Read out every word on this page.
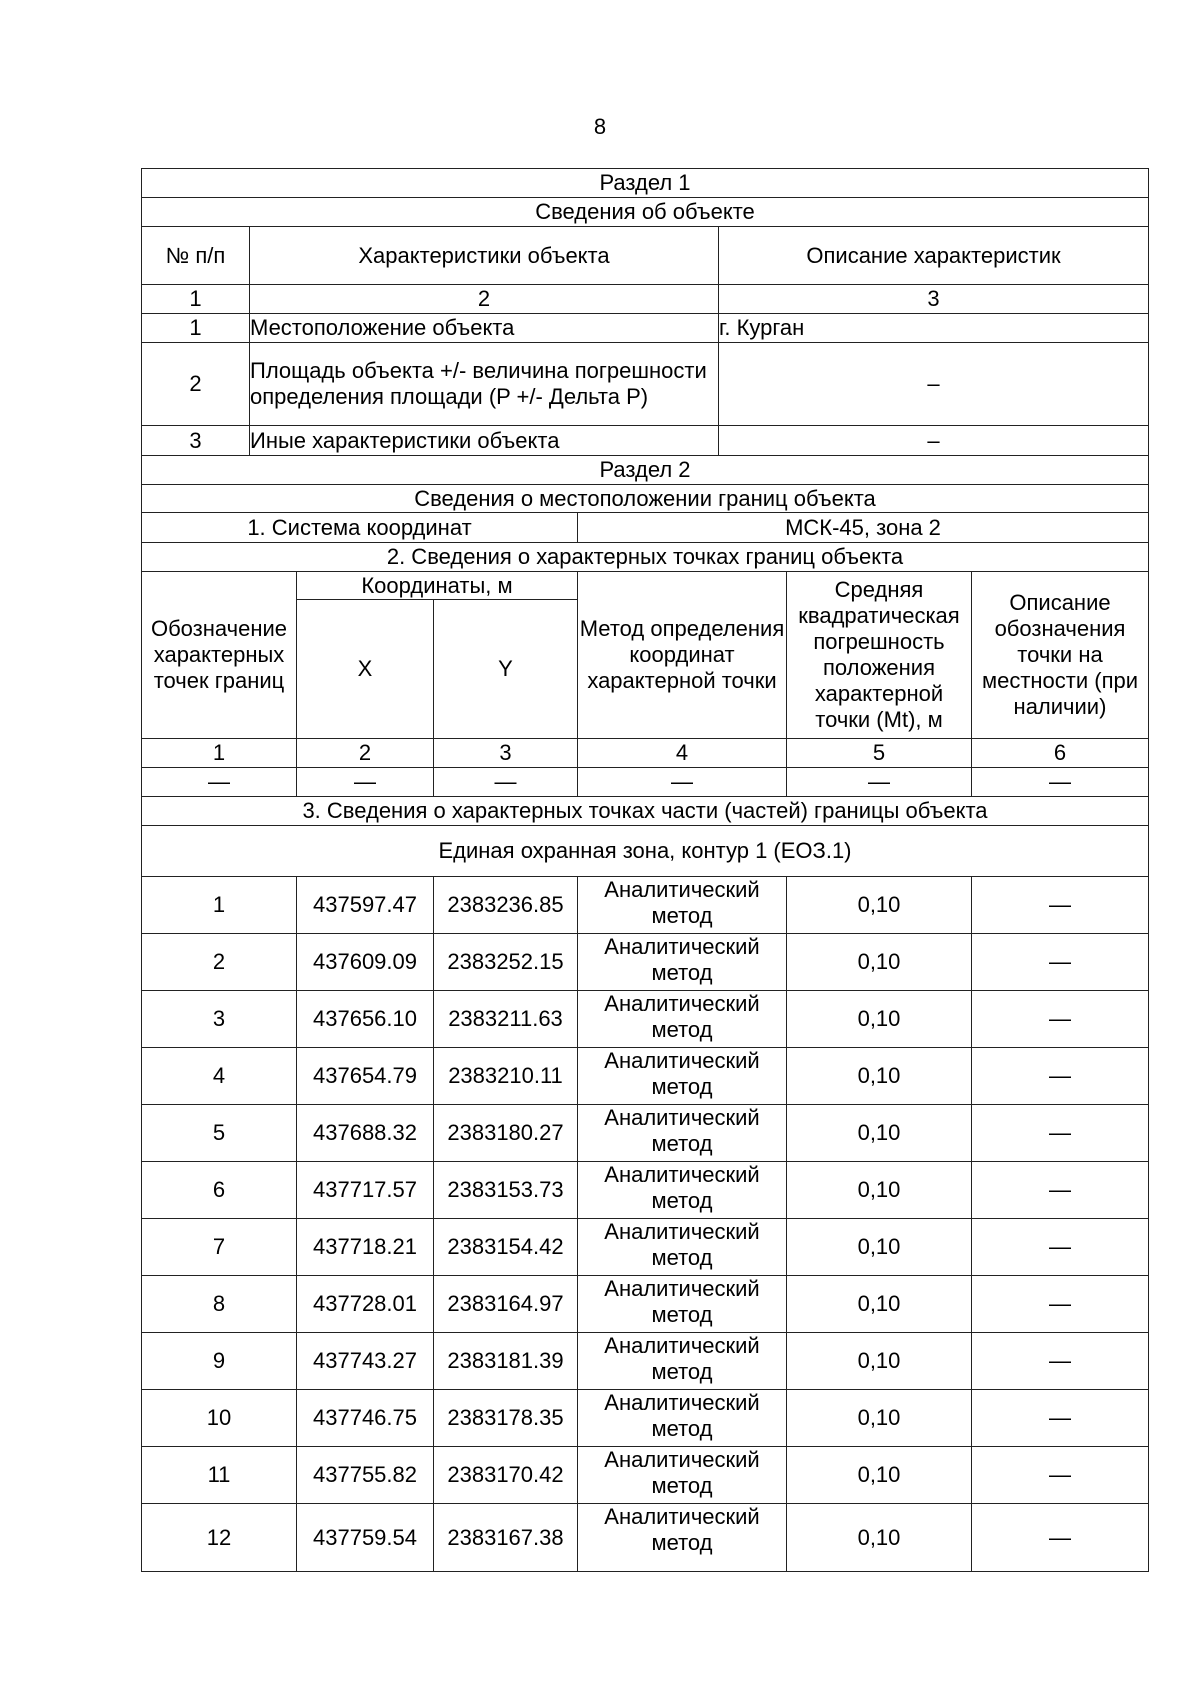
8
Раздел 1		
Сведения об объекте		
№ п/п	Характеристики объекта	Описание характеристик
1	2	3
1	Местоположение объекта	г. Курган
2	Площадь объекта +/- величина погрешности определения площади (P +/- Дельта P)	–
3	Иные характеристики объекта	–
Раздел 2					
Сведения о местоположении границ объекта					
1. Система координат			МСК-45, зона 2		
2. Сведения о характерных точках границ объекта					
Обозначение характерных точек границ	Координаты, м		Метод определения координат характерной точки	Средняя квадратическая погрешность положения характерной точки (Mt), м	Описание обозначения точки на местности (при наличии)
	X	Y			
1	2	3	4	5	6
—	—	—	—	—	—
3. Сведения о характерных точках части (частей) границы объекта					
Единая охранная зона, контур 1 (ЕОЗ.1)					
1	437597.47	2383236.85	Аналитический метод	0,10	—
2	437609.09	2383252.15	Аналитический метод	0,10	—
3	437656.10	2383211.63	Аналитический метод	0,10	—
4	437654.79	2383210.11	Аналитический метод	0,10	—
5	437688.32	2383180.27	Аналитический метод	0,10	—
6	437717.57	2383153.73	Аналитический метод	0,10	—
7	437718.21	2383154.42	Аналитический метод	0,10	—
8	437728.01	2383164.97	Аналитический метод	0,10	—
9	437743.27	2383181.39	Аналитический метод	0,10	—
10	437746.75	2383178.35	Аналитический метод	0,10	—
11	437755.82	2383170.42	Аналитический метод	0,10	—
12	437759.54	2383167.38	Аналитический метод	0,10	—
